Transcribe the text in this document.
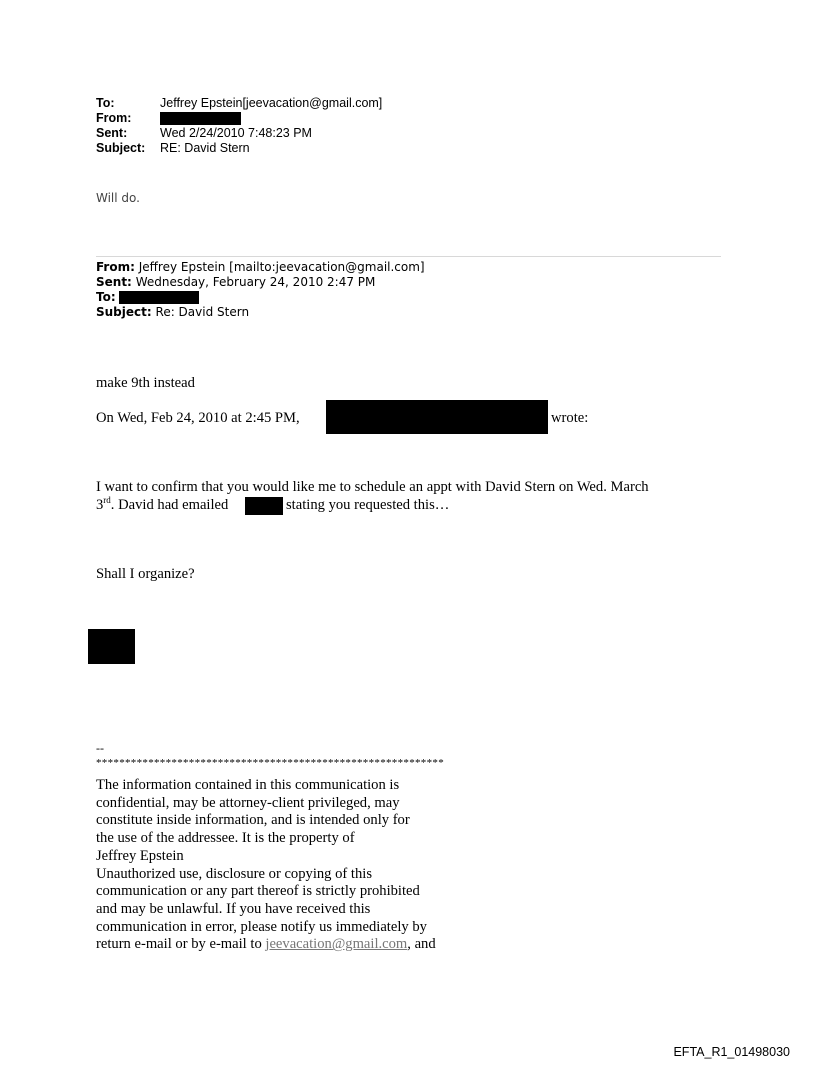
To:	Jeffrey Epstein[jeevacation@gmail.com]
From:
Sent:	Wed 2/24/2010 7:48:23 PM
Subject: RE: David Stern
Will do.
From: Jeffrey Epstein [mailto:jeevacation@gmail.com]
Sent: Wednesday, February 24, 2010 2:47 PM
To:
Subject: Re: David Stern
make 9th instead
On Wed, Feb 24, 2010 at 2:45 PM,	wrote:
I want to confirm that you would like me to schedule an appt with David Stern on Wed. March
3rd. David had emailed	stating you requested this…
Shall I organize?
--
************************************************************
The information contained in this communication is
confidential, may be attorney-client privileged, may
constitute inside information, and is intended only for
the use of the addressee. It is the property of
Jeffrey Epstein
Unauthorized use, disclosure or copying of this
communication or any part thereof is strictly prohibited
and may be unlawful. If you have received this
communication in error, please notify us immediately by
return e-mail or by e-mail to jeevacation@gmail.com, and
EFTA_R1_01498030
